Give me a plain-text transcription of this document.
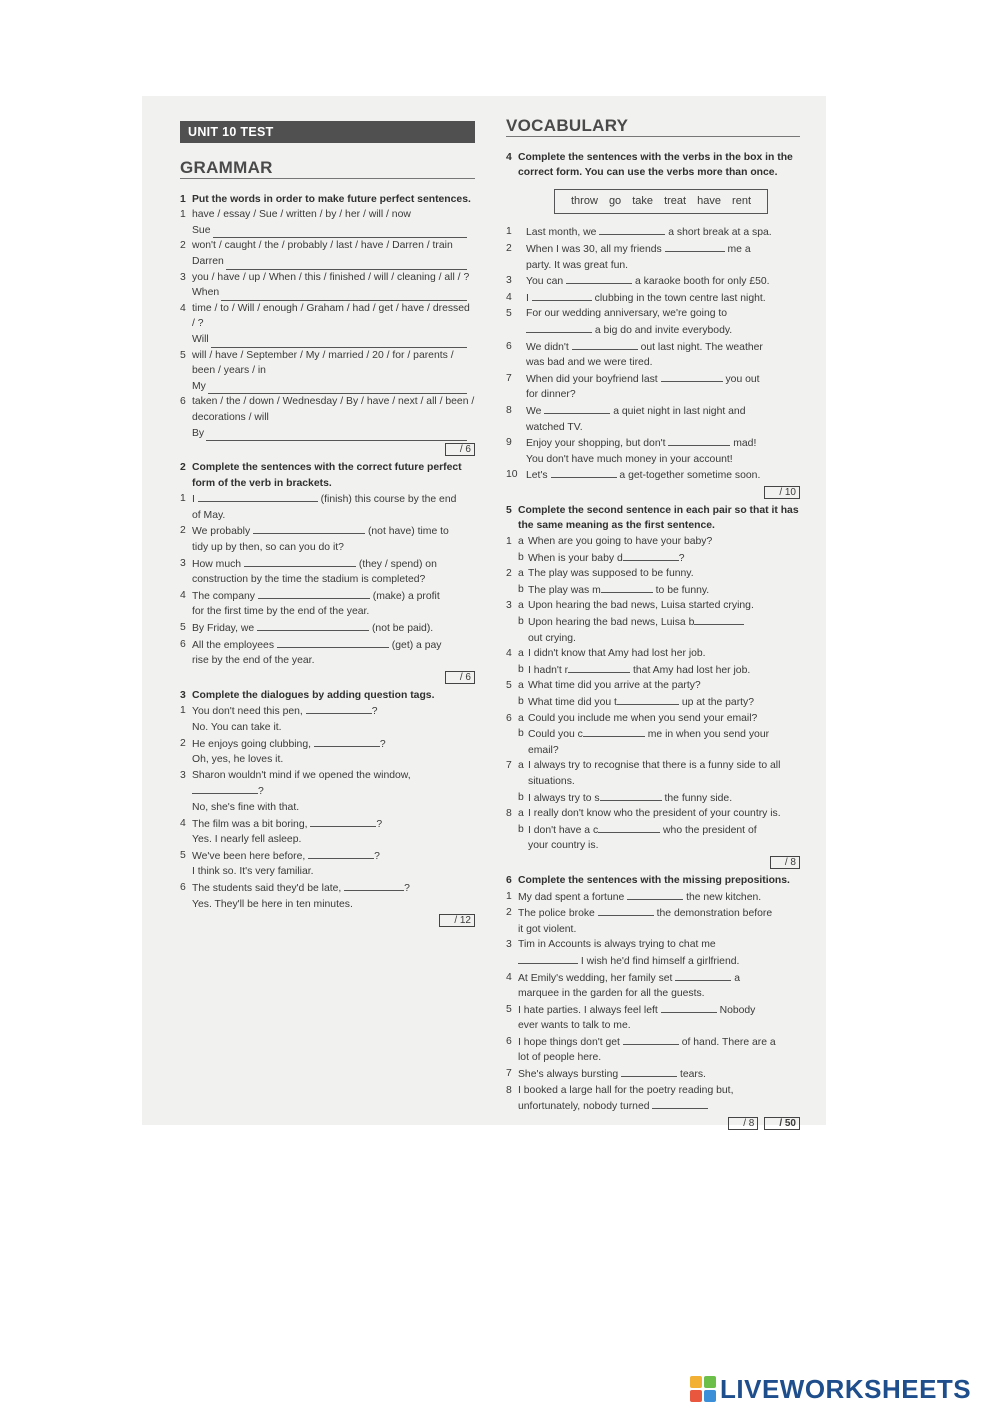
UNIT 10 TEST
GRAMMAR
1 Put the words in order to make future perfect sentences.
1 have / essay / Sue / written / by / her / will / now
Sue
2 won't / caught / the / probably / last / have / Darren / train
Darren
3 you / have / up / When / this / finished / will / cleaning / all / ?
When
4 time / to / Will / enough / Graham / had / get / have / dressed / ?
Will
5 will / have / September / My / married / 20 / for / parents / been / years / in
My
6 taken / the / down / Wednesday / By / have / next / all / been / decorations / will
By
/ 6
2 Complete the sentences with the correct future perfect form of the verb in brackets.
1 I	(finish) this course by the end
of May.
2 We probably	(not have) time to
tidy up by then, so can you do it?
3 How much	(they / spend) on
construction by the time the stadium is completed?
4 The company	(make) a profit
for the first time by the end of the year.
5 By Friday, we	(not be paid).
6 All the employees	(get) a pay
rise by the end of the year.
/ 6
3 Complete the dialogues by adding question tags.
1 You don't need this pen,	?
No. You can take it.
2 He enjoys going clubbing,	?
Oh, yes, he loves it.
3 Sharon wouldn't mind if we opened the window,
?
No, she's fine with that.
4 The film was a bit boring,	?
Yes. I nearly fell asleep.
5 We've been here before,	?
I think so. It's very familiar.
6 The students said they'd be late,	?
Yes. They'll be here in ten minutes.
/ 12
VOCABULARY
4 Complete the sentences with the verbs in the box in the correct form. You can use the verbs more than once.
throw go take treat have rent
1	Last month, we	a short break at a spa.
2	When I was 30, all my friends	me a
party. It was great fun.
3	You can	a karaoke booth for only £50.
4	I	clubbing in the town centre last night.
5	For our wedding anniversary, we're going to
a big do and invite everybody.
6	We didn't	out last night. The weather
was bad and we were tired.
7	When did your boyfriend last	you out
for dinner?
8	We	a quiet night in last night and
watched TV.
9	Enjoy your shopping, but don't	mad!
You don't have much money in your account!
10 Let's	a get-together sometime soon.
/ 10
5 Complete the second sentence in each pair so that it has the same meaning as the first sentence.
1 a When are you going to have your baby?
b When is your baby d	?
2 a The play was supposed to be funny.
b The play was m	to be funny.
3 a Upon hearing the bad news, Luisa started crying.
b Upon hearing the bad news, Luisa b
out crying.
4 a I didn't know that Amy had lost her job.
b I hadn't r	that Amy had lost her job.
5 a What time did you arrive at the party?
b What time did you t	up at the party?
6 a Could you include me when you send your email?
b Could you c	me in when you send your
email?
7 a I always try to recognise that there is a funny side to all situations.
b I always try to s	the funny side.
8 a I really don't know who the president of your country is.
b I don't have a c	who the president of
your country is.
/ 8
6 Complete the sentences with the missing prepositions.
1 My dad spent a fortune	the new kitchen.
2 The police broke	the demonstration before
it got violent.
3 Tim in Accounts is always trying to chat me
I wish he'd find himself a girlfriend.
4 At Emily's wedding, her family set	a
marquee in the garden for all the guests.
5 I hate parties. I always feel left	Nobody
ever wants to talk to me.
6 I hope things don't get	of hand. There are a
lot of people here.
7 She's always bursting	tears.
8 I booked a large hall for the poetry reading but,
unfortunately, nobody turned
/ 8	/ 50
LIVEWORKSHEETS
